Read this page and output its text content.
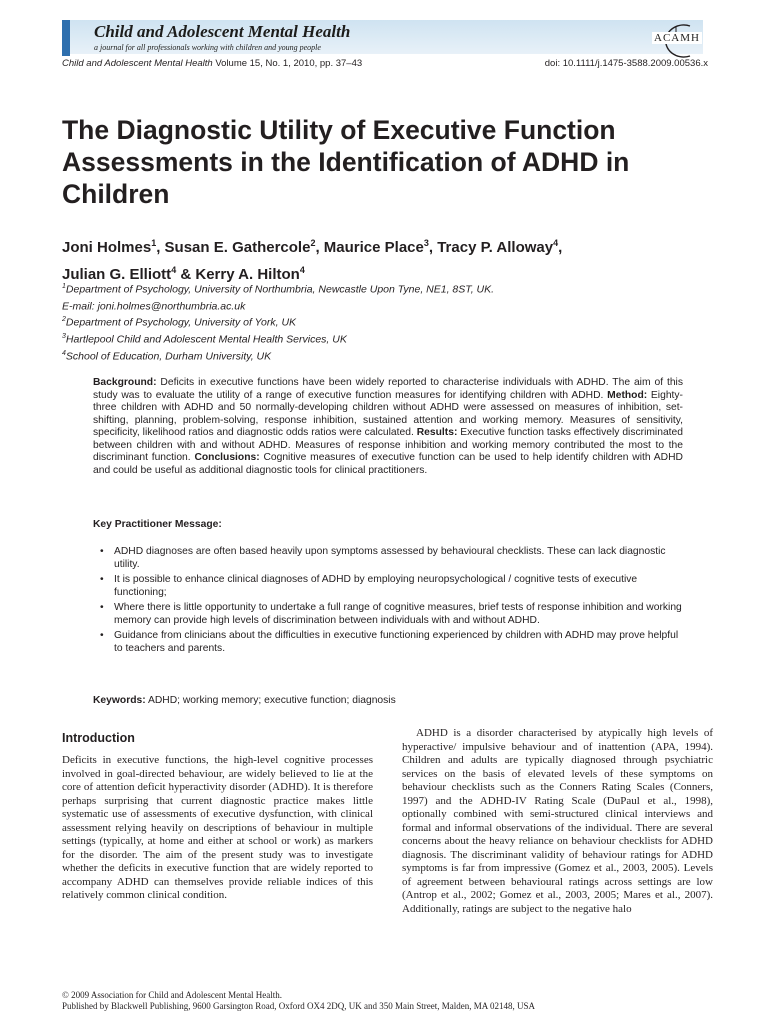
Child and Adolescent Mental Health
a journal for all professionals working with children and young people
ACAMH
Child and Adolescent Mental Health Volume 15, No. 1, 2010, pp. 37–43	doi: 10.1111/j.1475-3588.2009.00536.x
The Diagnostic Utility of Executive Function Assessments in the Identification of ADHD in Children
Joni Holmes$^1$, Susan E. Gathercole$^2$, Maurice Place$^3$, Tracy P. Alloway$^4$,
Julian G. Elliott$^4$ & Kerry A. Hilton$^4$
$^1$Department of Psychology, University of Northumbria, Newcastle Upon Tyne, NE1, 8ST, UK.
E-mail: joni.holmes@northumbria.ac.uk
$^2$Department of Psychology, University of York, UK
$^3$Hartlepool Child and Adolescent Mental Health Services, UK
$^4$School of Education, Durham University, UK
Background: Deficits in executive functions have been widely reported to characterise individuals with ADHD. The aim of this study was to evaluate the utility of a range of executive function measures for identifying children with ADHD. Method: Eighty-three children with ADHD and 50 normally-developing children without ADHD were assessed on measures of inhibition, set-shifting, planning, problem-solving, response inhibition, sustained attention and working memory. Measures of sensitivity, specificity, likelihood ratios and diagnostic odds ratios were calculated. Results: Executive function tasks effectively discriminated between children with and without ADHD. Measures of response inhibition and working memory contributed the most to the discriminant function. Conclusions: Cognitive measures of executive function can be used to help identify children with ADHD and could be useful as additional diagnostic tools for clinical practitioners.
Key Practitioner Message:
• ADHD diagnoses are often based heavily upon symptoms assessed by behavioural checklists. These can lack diagnostic utility.
• It is possible to enhance clinical diagnoses of ADHD by employing neuropsychological / cognitive tests of executive functioning;
• Where there is little opportunity to undertake a full range of cognitive measures, brief tests of response inhibition and working memory can provide high levels of discrimination between individuals with and without ADHD.
• Guidance from clinicians about the difficulties in executive functioning experienced by children with ADHD may prove helpful to teachers and parents.
Keywords: ADHD; working memory; executive function; diagnosis
Introduction
Deficits in executive functions, the high-level cognitive processes involved in goal-directed behaviour, are widely believed to lie at the core of attention deficit hyperactivity disorder (ADHD). It is therefore perhaps surprising that current diagnostic practice makes little systematic use of assessments of executive dysfunction, with clinical assessment relying heavily on descriptions of behaviour in multiple settings (typically, at home and either at school or work) as markers for the disorder. The aim of the present study was to investigate whether the deficits in executive function that are widely reported to accompany ADHD can themselves provide reliable indices of this relatively common clinical condition.
ADHD is a disorder characterised by atypically high levels of hyperactive/ impulsive behaviour and of inattention (APA, 1994). Children and adults are typically diagnosed through psychiatric services on the basis of elevated levels of these symptoms on behaviour checklists such as the Conners Rating Scales (Conners, 1997) and the ADHD-IV Rating Scale (DuPaul et al., 1998), optionally combined with semi-structured clinical interviews and formal and informal observations of the individual. There are several concerns about the heavy reliance on behaviour checklists for ADHD diagnosis. The discriminant validity of behaviour ratings for ADHD symptoms is far from impressive (Gomez et al., 2003, 2005). Levels of agreement between behavioural ratings across settings are low (Antrop et al., 2002; Gomez et al., 2003, 2005; Mares et al., 2007). Additionally, ratings are subject to the negative halo
© 2009 Association for Child and Adolescent Mental Health.
Published by Blackwell Publishing, 9600 Garsington Road, Oxford OX4 2DQ, UK and 350 Main Street, Malden, MA 02148, USA
